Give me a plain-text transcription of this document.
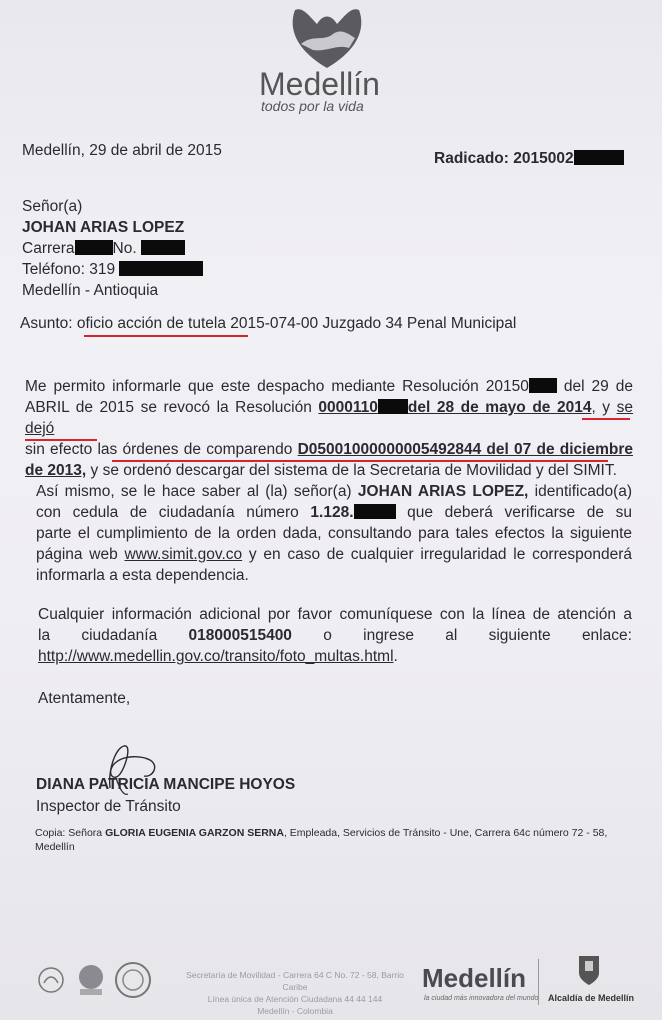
Medellín
todos por la vida
Medellín, 29 de abril de 2015	Radicado: 2015002
Señor(a)
JOHAN ARIAS LOPEZ
Carrera No.
Teléfono: 319
Medellín - Antioquia
Asunto: oficio acción de tutela 2015-074-00 Juzgado 34 Penal Municipal
Me permito informarle que este despacho mediante Resolución 20150 del 29 de
ABRIL de 2015 se revocó la Resolución 0000110 del 28 de mayo de 2014, y se dejó
sin efecto las órdenes de comparendo D05001000000005492844 del 07 de diciembre
de 2013, y se ordenó descargar del sistema de la Secretaria de Movilidad y del SIMIT.
Así mismo, se le hace saber al (la) señor(a) JOHAN ARIAS LOPEZ, identificado(a)
con cedula de ciudadanía número 1.128.	que deberá verificarse de su
parte el cumplimiento de la orden dada, consultando para tales efectos la siguiente
página web www.simit.gov.co y en caso de cualquier irregularidad le corresponderá
informarla a esta dependencia.
Cualquier información adicional por favor comuníquese con la línea de atención a
la ciudadanía 018000515400 o ingrese al siguiente enlace:
http://www.medellin.gov.co/transito/foto_multas.html.
Atentamente,
DIANA PATRICIA MANCIPE HOYOS
Inspector de Tránsito
Copia: Señora GLORIA EUGENIA GARZON SERNA, Empleada, Servicios de Tránsito - Une, Carrera 64c número 72 - 58,
Medellín
Secretaría de Movilidad - Carrera 64 C No. 72 - 58, Barrio Caribe
Línea única de Atención Ciudadana 44 44 144
Medellín - Colombia
Medellín
la ciudad más innovadora del mundo Alcaldía de Medellín
